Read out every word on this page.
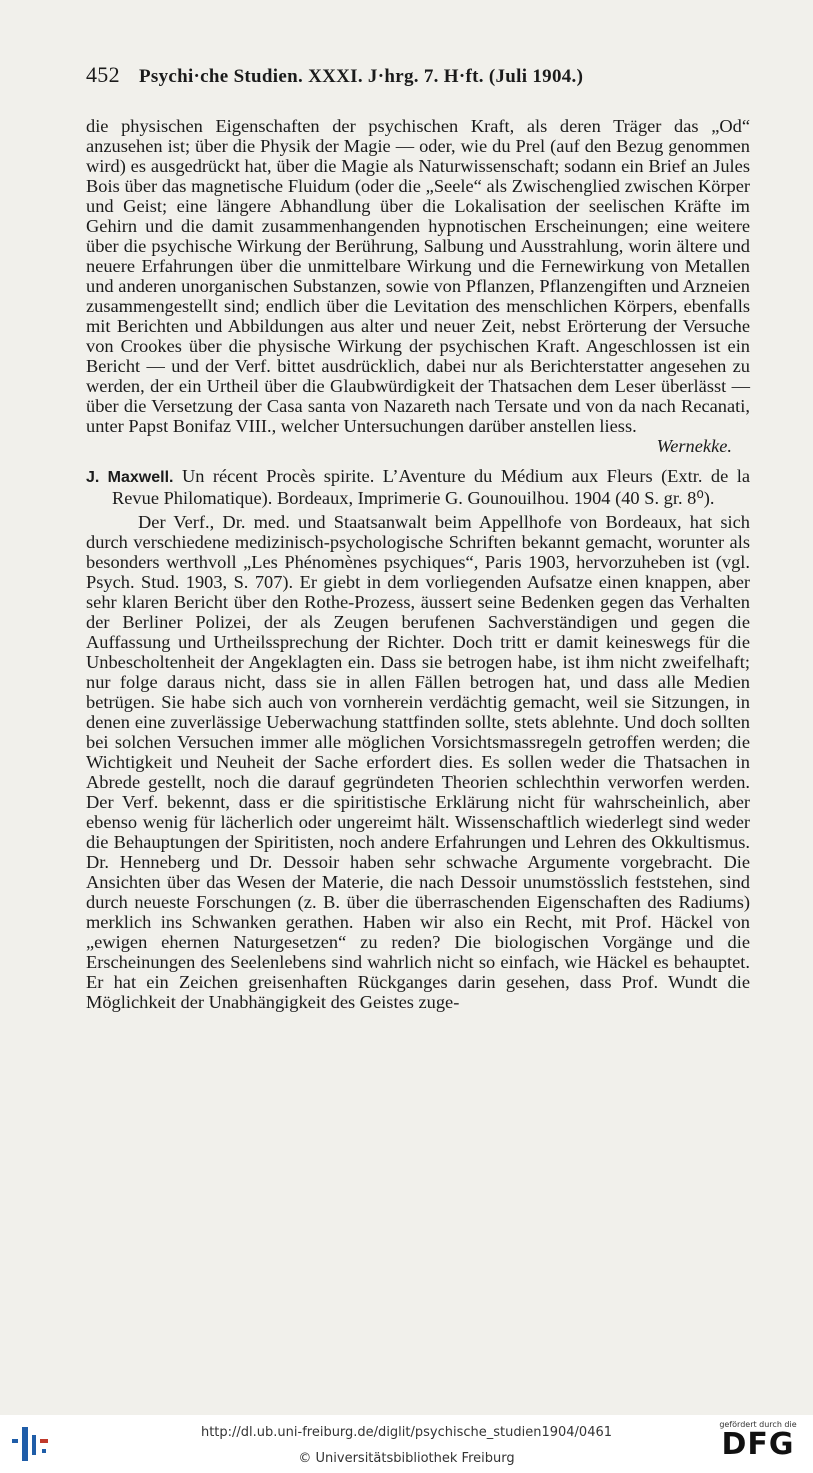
452 Psychi·che Studien. XXXI. J·hrg. 7. H·ft. (Juli 1904.)

die physischen Eigenschaften der psychischen Kraft, als deren Träger das „Od“ anzusehen ist; über die Physik der Magie — oder, wie du Prel (auf den Bezug genommen wird) es ausgedrückt hat, über die Magie als Naturwissenschaft; sodann ein Brief an Jules Bois über das magnetische Fluidum (oder die „Seele“ als Zwischenglied zwischen Körper und Geist; eine längere Abhandlung über die Lokalisation der seelischen Kräfte im Gehirn und die damit zusammenhangenden hypnotischen Erscheinungen; eine weitere über die psychische Wirkung der Berührung, Salbung und Ausstrahlung, worin ältere und neuere Erfahrungen über die unmittelbare Wirkung und die Fernewirkung von Metallen und anderen unorganischen Substanzen, sowie von Pflanzen, Pflanzengiften und Arzneien zusammengestellt sind; endlich über die Levitation des menschlichen Körpers, ebenfalls mit Berichten und Abbildungen aus alter und neuer Zeit, nebst Erörterung der Versuche von Crookes über die physische Wirkung der psychischen Kraft. Angeschlossen ist ein Bericht — und der Verf. bittet ausdrücklich, dabei nur als Berichterstatter angesehen zu werden, der ein Urtheil über die Glaubwürdigkeit der Thatsachen dem Leser überlässt — über die Versetzung der Casa santa von Nazareth nach Tersate und von da nach Recanati, unter Papst Bonifaz VIII., welcher Untersuchungen darüber anstellen liess.

Wernekke.

J. Maxwell. Un récent Procès spirite. L’Aventure du Médium aux Fleurs (Extr. de la Revue Philomatique). Bordeaux, Imprimerie G. Gounouilhou. 1904 (40 S. gr. 8⁰).

Der Verf., Dr. med. und Staatsanwalt beim Appellhofe von Bordeaux, hat sich durch verschiedene medizinisch-psychologische Schriften bekannt gemacht, worunter als besonders werthvoll „Les Phénomènes psychiques“, Paris 1903, hervorzuheben ist (vgl. Psych. Stud. 1903, S. 707). Er giebt in dem vorliegenden Aufsatze einen knappen, aber sehr klaren Bericht über den Rothe-Prozess, äussert seine Bedenken gegen das Verhalten der Berliner Polizei, der als Zeugen berufenen Sachverständigen und gegen die Auffassung und Urtheilssprechung der Richter. Doch tritt er damit keineswegs für die Unbescholtenheit der Angeklagten ein. Dass sie betrogen habe, ist ihm nicht zweifelhaft; nur folge daraus nicht, dass sie in allen Fällen betrogen hat, und dass alle Medien betrügen. Sie habe sich auch von vornherein verdächtig gemacht, weil sie Sitzungen, in denen eine zuverlässige Ueberwachung stattfinden sollte, stets ablehnte. Und doch sollten bei solchen Versuchen immer alle möglichen Vorsichtsmassregeln getroffen werden; die Wichtigkeit und Neuheit der Sache erfordert dies. Es sollen weder die Thatsachen in Abrede gestellt, noch die darauf gegründeten Theorien schlechthin verworfen werden. Der Verf. bekennt, dass er die spiritistische Erklärung nicht für wahrscheinlich, aber ebenso wenig für lächerlich oder ungereimt hält. Wissenschaftlich wiederlegt sind weder die Behauptungen der Spiritisten, noch andere Erfahrungen und Lehren des Okkultismus. Dr. Henneberg und Dr. Dessoir haben sehr schwache Argumente vorgebracht. Die Ansichten über das Wesen der Materie, die nach Dessoir unumstösslich feststehen, sind durch neueste Forschungen (z. B. über die überraschenden Eigenschaften des Radiums) merklich ins Schwanken gerathen. Haben wir also ein Recht, mit Prof. Häckel von „ewigen ehernen Naturgesetzen“ zu reden? Die biologischen Vorgänge und die Erscheinungen des Seelenlebens sind wahrlich nicht so einfach, wie Häckel es behauptet. Er hat ein Zeichen greisenhaften Rückganges darin gesehen, dass Prof. Wundt die Möglichkeit der Unabhängigkeit des Geistes zuge-

http://dl.ub.uni-freiburg.de/diglit/psychische_studien1904/0461
© Universitätsbibliothek Freiburg
gefördert durch die
DFG
